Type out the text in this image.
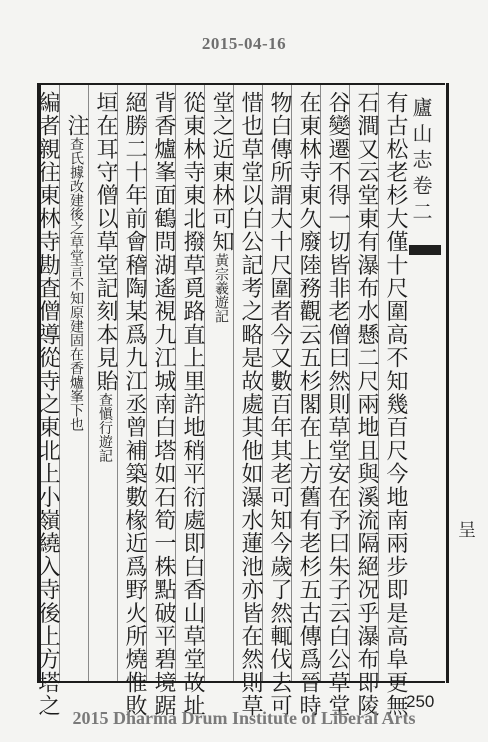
2015-04-16
有古松老杉大僅十尺圍高不知幾百尺今地南兩步即是高阜更無
石澗又云堂東有瀑布水懸二尺兩地且與溪流隔絕况乎瀑布即陵
谷變遷不得一切皆非老僧曰然則草堂安在予曰朱子云白公草堂
在東林寺東久廢陸務觀云五杉閣在上方舊有老杉五古傳爲晉時
物白傳所謂大十尺圍者今又數百年其老可知今歲了然輒伐去可
惜也草堂以白公記考之略是故處其他如瀑水蓮池亦皆在然則草
堂之近東林可知黃宗羲遊記
從東林寺東北撥草覓路直上里許地稍平衍處即白香山草堂故址
背香爐峯面鶴問湖遙視九江城南白塔如石筍一株點破平碧境踞
絕勝二十年前會稽陶某爲九江丞曾補築數椽近爲野火所燒惟敗
垣在耳守僧以草堂記刻本見貽查愼行遊記
　注查氏據改建後之草堂言不知原建固在香爐峯下也
編者親往東林寺勘査僧導從寺之東北上小嶺繞入寺後上方塔之	廬山志卷二
呈
250
2015 Dharma Drum Institute of Liberal Arts
